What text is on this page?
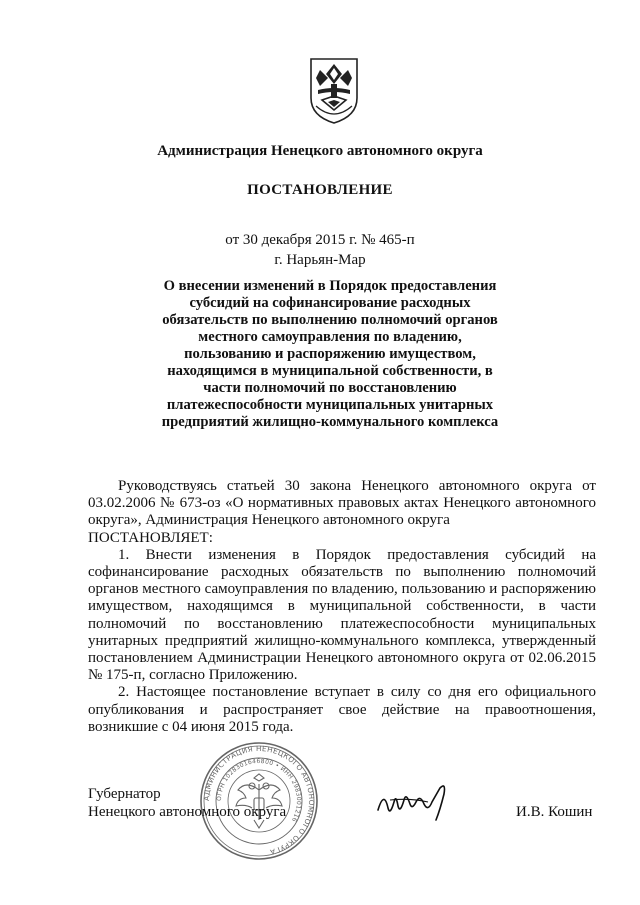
Администрация Ненецкого автономного округа
ПОСТАНОВЛЕНИЕ
от 30 декабря 2015 г. № 465-п
г. Нарьян-Мар
О внесении изменений в Порядок предоставления
субсидий на софинансирование расходных
обязательств по выполнению полномочий органов
местного самоуправления по владению,
пользованию и распоряжению имуществом,
находящимся в муниципальной собственности, в
части полномочий по восстановлению
платежеспособности муниципальных унитарных
предприятий жилищно-коммунального комплекса

Руководствуясь статьей 30 закона Ненецкого автономного округа от 03.02.2006 № 673-оз «О нормативных правовых актах Ненецкого автономного округа», Администрация Ненецкого автономного округа

ПОСТАНОВЛЯЕТ:

1. Внести изменения в Порядок предоставления субсидий на софинансирование расходных обязательств по выполнению полномочий органов местного самоуправления по владению, пользованию и распоряжению имуществом, находящимся в муниципальной собственности, в части полномочий по восстановлению платежеспособности муниципальных унитарных предприятий жилищно-коммунального комплекса, утвержденный постановлением Администрации Ненецкого автономного округа от 02.06.2015 № 175-п, согласно Приложению.

2. Настоящее постановление вступает в силу со дня его официального опубликования и распространяет свое действие на правоотношения, возникшие с 04 июня 2015 года.

АДМИНИСТРАЦИЯ НЕНЕЦКОГО АВТОНОМНОГО ОКРУГА
ОГРН 1028301646800 • ИНН 2983001216
Губернатор
Ненецкого автономного округа	И.В. Кошин
